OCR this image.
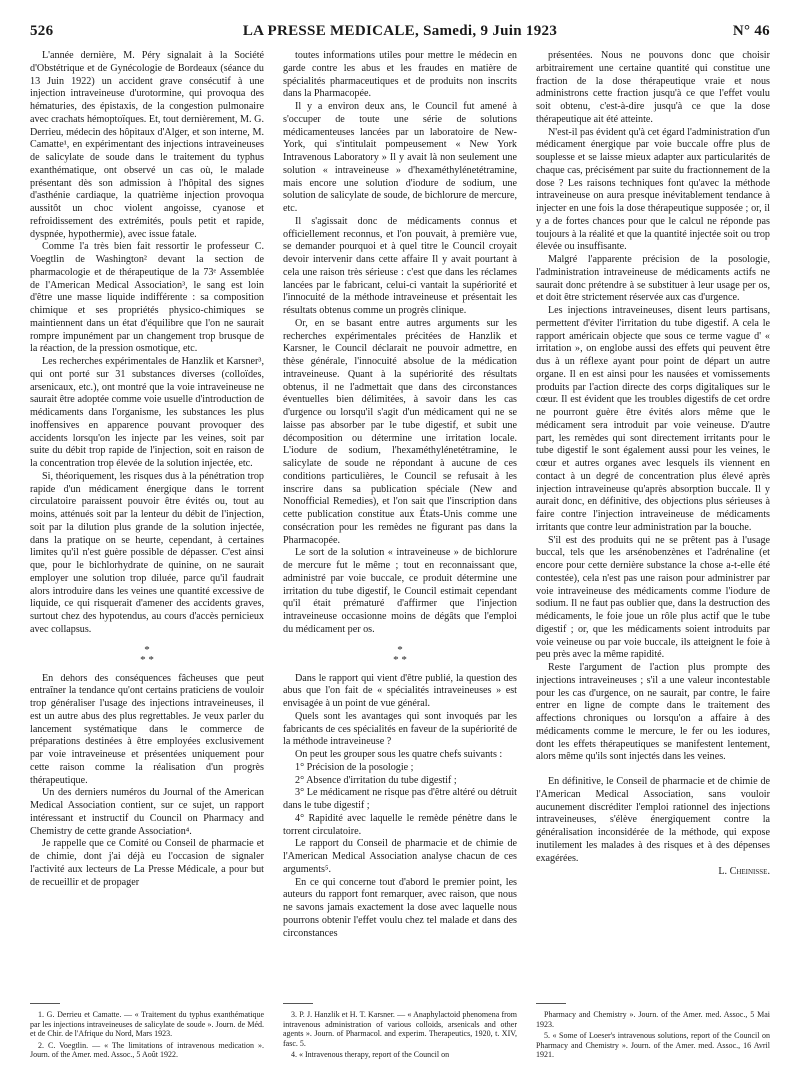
526	LA PRESSE MEDICALE, Samedi, 9 Juin 1923	N° 46

L'année dernière, M. Péry signalait à la Société d'Obstétrique et de Gynécologie de Bordeaux (séance du 13 Juin 1922) un accident grave consécutif à une injection intraveineuse d'urotormine, qui provoqua des hématuries, des épistaxis, de la congestion pulmonaire avec crachats hémoptoïques. Et, tout dernièrement, M. G. Derrieu, médecin des hôpitaux d'Alger, et son interne, M. Camatte¹, en expérimentant des injections intraveineuses de salicylate de soude dans le traitement du typhus exanthématique, ont observé un cas où, le malade présentant dès son admission à l'hôpital des signes d'asthénie cardiaque, la quatrième injection provoqua aussitôt un choc violent angoisse, cyanose et refroidissement des extrémités, pouls petit et rapide, dyspnée, hypothermie), avec issue fatale.

Comme l'a très bien fait ressortir le professeur C. Voegtlin de Washington² devant la section de pharmacologie et de thérapeutique de la 73ᵉ Assemblée de l'American Medical Association³, le sang est loin d'être une masse liquide indifférente : sa composition chimique et ses propriétés physico-chimiques se maintiennent dans un état d'équilibre que l'on ne saurait rompre impunément par un changement trop brusque de la réaction, de la pression osmotique, etc.

Les recherches expérimentales de Hanzlik et Karsner³, qui ont porté sur 31 substances diverses (colloïdes, arsenicaux, etc.), ont montré que la voie intraveineuse ne saurait être adoptée comme voie usuelle d'introduction de médicaments dans l'organisme, les substances les plus inoffensives en apparence pouvant provoquer des accidents lorsqu'on les injecte par les veines, soit par suite du débit trop rapide de l'injection, soit en raison de la concentration trop élevée de la solution injectée, etc.

Si, théoriquement, les risques dus à la pénétration trop rapide d'un médicament énergique dans le torrent circulatoire paraissent pouvoir être évités ou, tout au moins, atténués soit par la lenteur du débit de l'injection, soit par la dilution plus grande de la solution injectée, dans la pratique on se heurte, cependant, à certaines limites qu'il n'est guère possible de dépasser. C'est ainsi que, pour le bichlorhydrate de quinine, on ne saurait employer une solution trop diluée, parce qu'il faudrait alors introduire dans les veines une quantité excessive de liquide, ce qui risquerait d'amener des accidents graves, surtout chez des hypotendus, au cours d'accès pernicieux avec collapsus.

*
* *

En dehors des conséquences fâcheuses que peut entraîner la tendance qu'ont certains praticiens de vouloir trop généraliser l'usage des injections intraveineuses, il est un autre abus des plus regrettables. Je veux parler du lancement systématique dans le commerce de préparations destinées à être employées exclusivement par voie intraveineuse et présentées uniquement pour cette raison comme la réalisation d'un progrès thérapeutique.

Un des derniers numéros du Journal of the American Medical Association contient, sur ce sujet, un rapport intéressant et instructif du Council on Pharmacy and Chemistry de cette grande Association⁴.

Je rappelle que ce Comité ou Conseil de pharmacie et de chimie, dont j'ai déjà eu l'occasion de signaler l'activité aux lecteurs de La Presse Médicale, a pour but de recueillir et de propager

toutes informations utiles pour mettre le médecin en garde contre les abus et les fraudes en matière de spécialités pharmaceutiques et de produits non inscrits dans la Pharmacopée.

Il y a environ deux ans, le Council fut amené à s'occuper de toute une série de solutions médicamenteuses lancées par un laboratoire de New-York, qui s'intitulait pompeusement « New York Intravenous Laboratory » Il y avait là non seulement une solution « intraveineuse » d'hexaméthylénetétramine, mais encore une solution d'iodure de sodium, une solution de salicylate de soude, de bichlorure de mercure, etc.

Il s'agissait donc de médicaments connus et officiellement reconnus, et l'on pouvait, à première vue, se demander pourquoi et à quel titre le Council croyait devoir intervenir dans cette affaire Il y avait pourtant à cela une raison très sérieuse : c'est que dans les réclames lancées par le fabricant, celui-ci vantait la supériorité et l'innocuité de la méthode intraveineuse et présentait les résultats obtenus comme un progrès clinique.

Or, en se basant entre autres arguments sur les recherches expérimentales précitées de Hanzlik et Karsner, le Council déclarait ne pouvoir admettre, en thèse générale, l'innocuité absolue de la médication intraveineuse. Quant à la supériorité des résultats obtenus, il ne l'admettait que dans des circonstances éventuelles bien délimitées, à savoir dans les cas d'urgence ou lorsqu'il s'agit d'un médicament qui ne se laisse pas absorber par le tube digestif, et subit une décomposition ou détermine une irritation locale. L'iodure de sodium, l'hexaméthylénetétramine, le salicylate de soude ne répondant à aucune de ces conditions particulières, le Council se refusait à les inscrire dans sa publication spéciale (New and Nonofficial Remedies), et l'on sait que l'inscription dans cette publication constitue aux États-Unis comme une consécration pour les remèdes ne figurant pas dans la Pharmacopée.

Le sort de la solution « intraveineuse » de bichlorure de mercure fut le même ; tout en reconnaissant que, administré par voie buccale, ce produit détermine une irritation du tube digestif, le Council estimait cependant qu'il était prématuré d'affirmer que l'injection intraveineuse occasionne moins de dégâts que l'emploi du médicament per os.

*
* *

Dans le rapport qui vient d'être publié, la question des abus que l'on fait de « spécialités intraveineuses » est envisagée à un point de vue général.

Quels sont les avantages qui sont invoqués par les fabricants de ces spécialités en faveur de la supériorité de la méthode intraveineuse ?

On peut les grouper sous les quatre chefs suivants :

1° Précision de la posologie ;

2° Absence d'irritation du tube digestif ;

3° Le médicament ne risque pas d'être altéré ou détruit dans le tube digestif ;

4° Rapidité avec laquelle le remède pénètre dans le torrent circulatoire.

Le rapport du Conseil de pharmacie et de chimie de l'American Medical Association analyse chacun de ces arguments⁵.

En ce qui concerne tout d'abord le premier point, les auteurs du rapport font remarquer, avec raison, que nous ne savons jamais exactement la dose avec laquelle nous pourrons obtenir l'effet voulu chez tel malade et dans des circonstances

présentées. Nous ne pouvons donc que choisir arbitrairement une certaine quantité qui constitue une fraction de la dose thérapeutique vraie et nous administrons cette fraction jusqu'à ce que l'effet voulu soit obtenu, c'est-à-dire jusqu'à ce que la dose thérapeutique ait été atteinte.

N'est-il pas évident qu'à cet égard l'administration d'un médicament énergique par voie buccale offre plus de souplesse et se laisse mieux adapter aux particularités de chaque cas, précisément par suite du fractionnement de la dose ? Les raisons techniques font qu'avec la méthode intraveineuse on aura presque inévitablement tendance à injecter en une fois la dose thérapeutique supposée ; or, il y a de fortes chances pour que le calcul ne réponde pas toujours à la réalité et que la quantité injectée soit ou trop élevée ou insuffisante.

Malgré l'apparente précision de la posologie, l'administration intraveineuse de médicaments actifs ne saurait donc prétendre à se substituer à leur usage per os, et doit être strictement réservée aux cas d'urgence.

Les injections intraveineuses, disent leurs partisans, permettent d'éviter l'irritation du tube digestif. A cela le rapport américain objecte que sous ce terme vague d' « irritation », on englobe aussi des effets qui peuvent être dus à un réflexe ayant pour point de départ un autre organe. Il en est ainsi pour les nausées et vomissements produits par l'action directe des corps digitaliques sur le cœur. Il est évident que les troubles digestifs de cet ordre ne pourront guère être évités alors même que le médicament sera introduit par voie veineuse. D'autre part, les remèdes qui sont directement irritants pour le tube digestif le sont également aussi pour les veines, le cœur et autres organes avec lesquels ils viennent en contact à un degré de concentration plus élevé après injection intraveineuse qu'après absorption buccale. Il y aurait donc, en définitive, des objections plus sérieuses à faire contre l'injection intraveineuse de médicaments irritants que contre leur administration par la bouche.

S'il est des produits qui ne se prêtent pas à l'usage buccal, tels que les arsénobenzènes et l'adrénaline (et encore pour cette dernière substance la chose a-t-elle été contestée), cela n'est pas une raison pour administrer par voie intraveineuse des médicaments comme l'iodure de sodium. Il ne faut pas oublier que, dans la destruction des médicaments, le foie joue un rôle plus actif que le tube digestif ; or, que les médicaments soient introduits par voie veineuse ou par voie buccale, ils atteignent le foie à peu près avec la même rapidité.

Reste l'argument de l'action plus prompte des injections intraveineuses ; s'il a une valeur incontestable pour les cas d'urgence, on ne saurait, par contre, le faire entrer en ligne de compte dans le traitement des affections chroniques ou lorsqu'on a affaire à des médicaments comme le mercure, le fer ou les iodures, dont les effets thérapeutiques se manifestent lentement, alors même qu'ils sont injectés dans les veines.

En définitive, le Conseil de pharmacie et de chimie de l'American Medical Association, sans vouloir aucunement discréditer l'emploi rationnel des injections intraveineuses, s'élève énergiquement contre la généralisation inconsidérée de la méthode, qui expose inutilement les malades à des risques et à des dépenses exagérées.

L. Cheinisse.
1. G. Derrieu et Camatte. — « Traitement du typhus exanthématique par les injections intraveineuses de salicylate de soude ». Journ. de Méd. et de Chir. de l'Afrique du Nord, Mars 1923.
2. C. Voegtlin. — « The limitations of intravenous medication ». Journ. of the Amer. med. Assoc., 5 Août 1922.
3. P. J. Hanzlik et H. T. Karsner. — « Anaphylactoid phenomena from intravenous administration of various colloids, arsenicals and other agents ». Journ. of Pharmacol. and experim. Therapeutics, 1920, t. XIV, fasc. 5.
4. « Intravenous therapy, report of the Council on
Pharmacy and Chemistry ». Journ. of the Amer. med. Assoc., 5 Mai 1923.
5. « Some of Loeser's intravenous solutions, report of the Council on Pharmacy and Chemistry ». Journ. of the Amer. med. Assoc., 16 Avril 1921.
